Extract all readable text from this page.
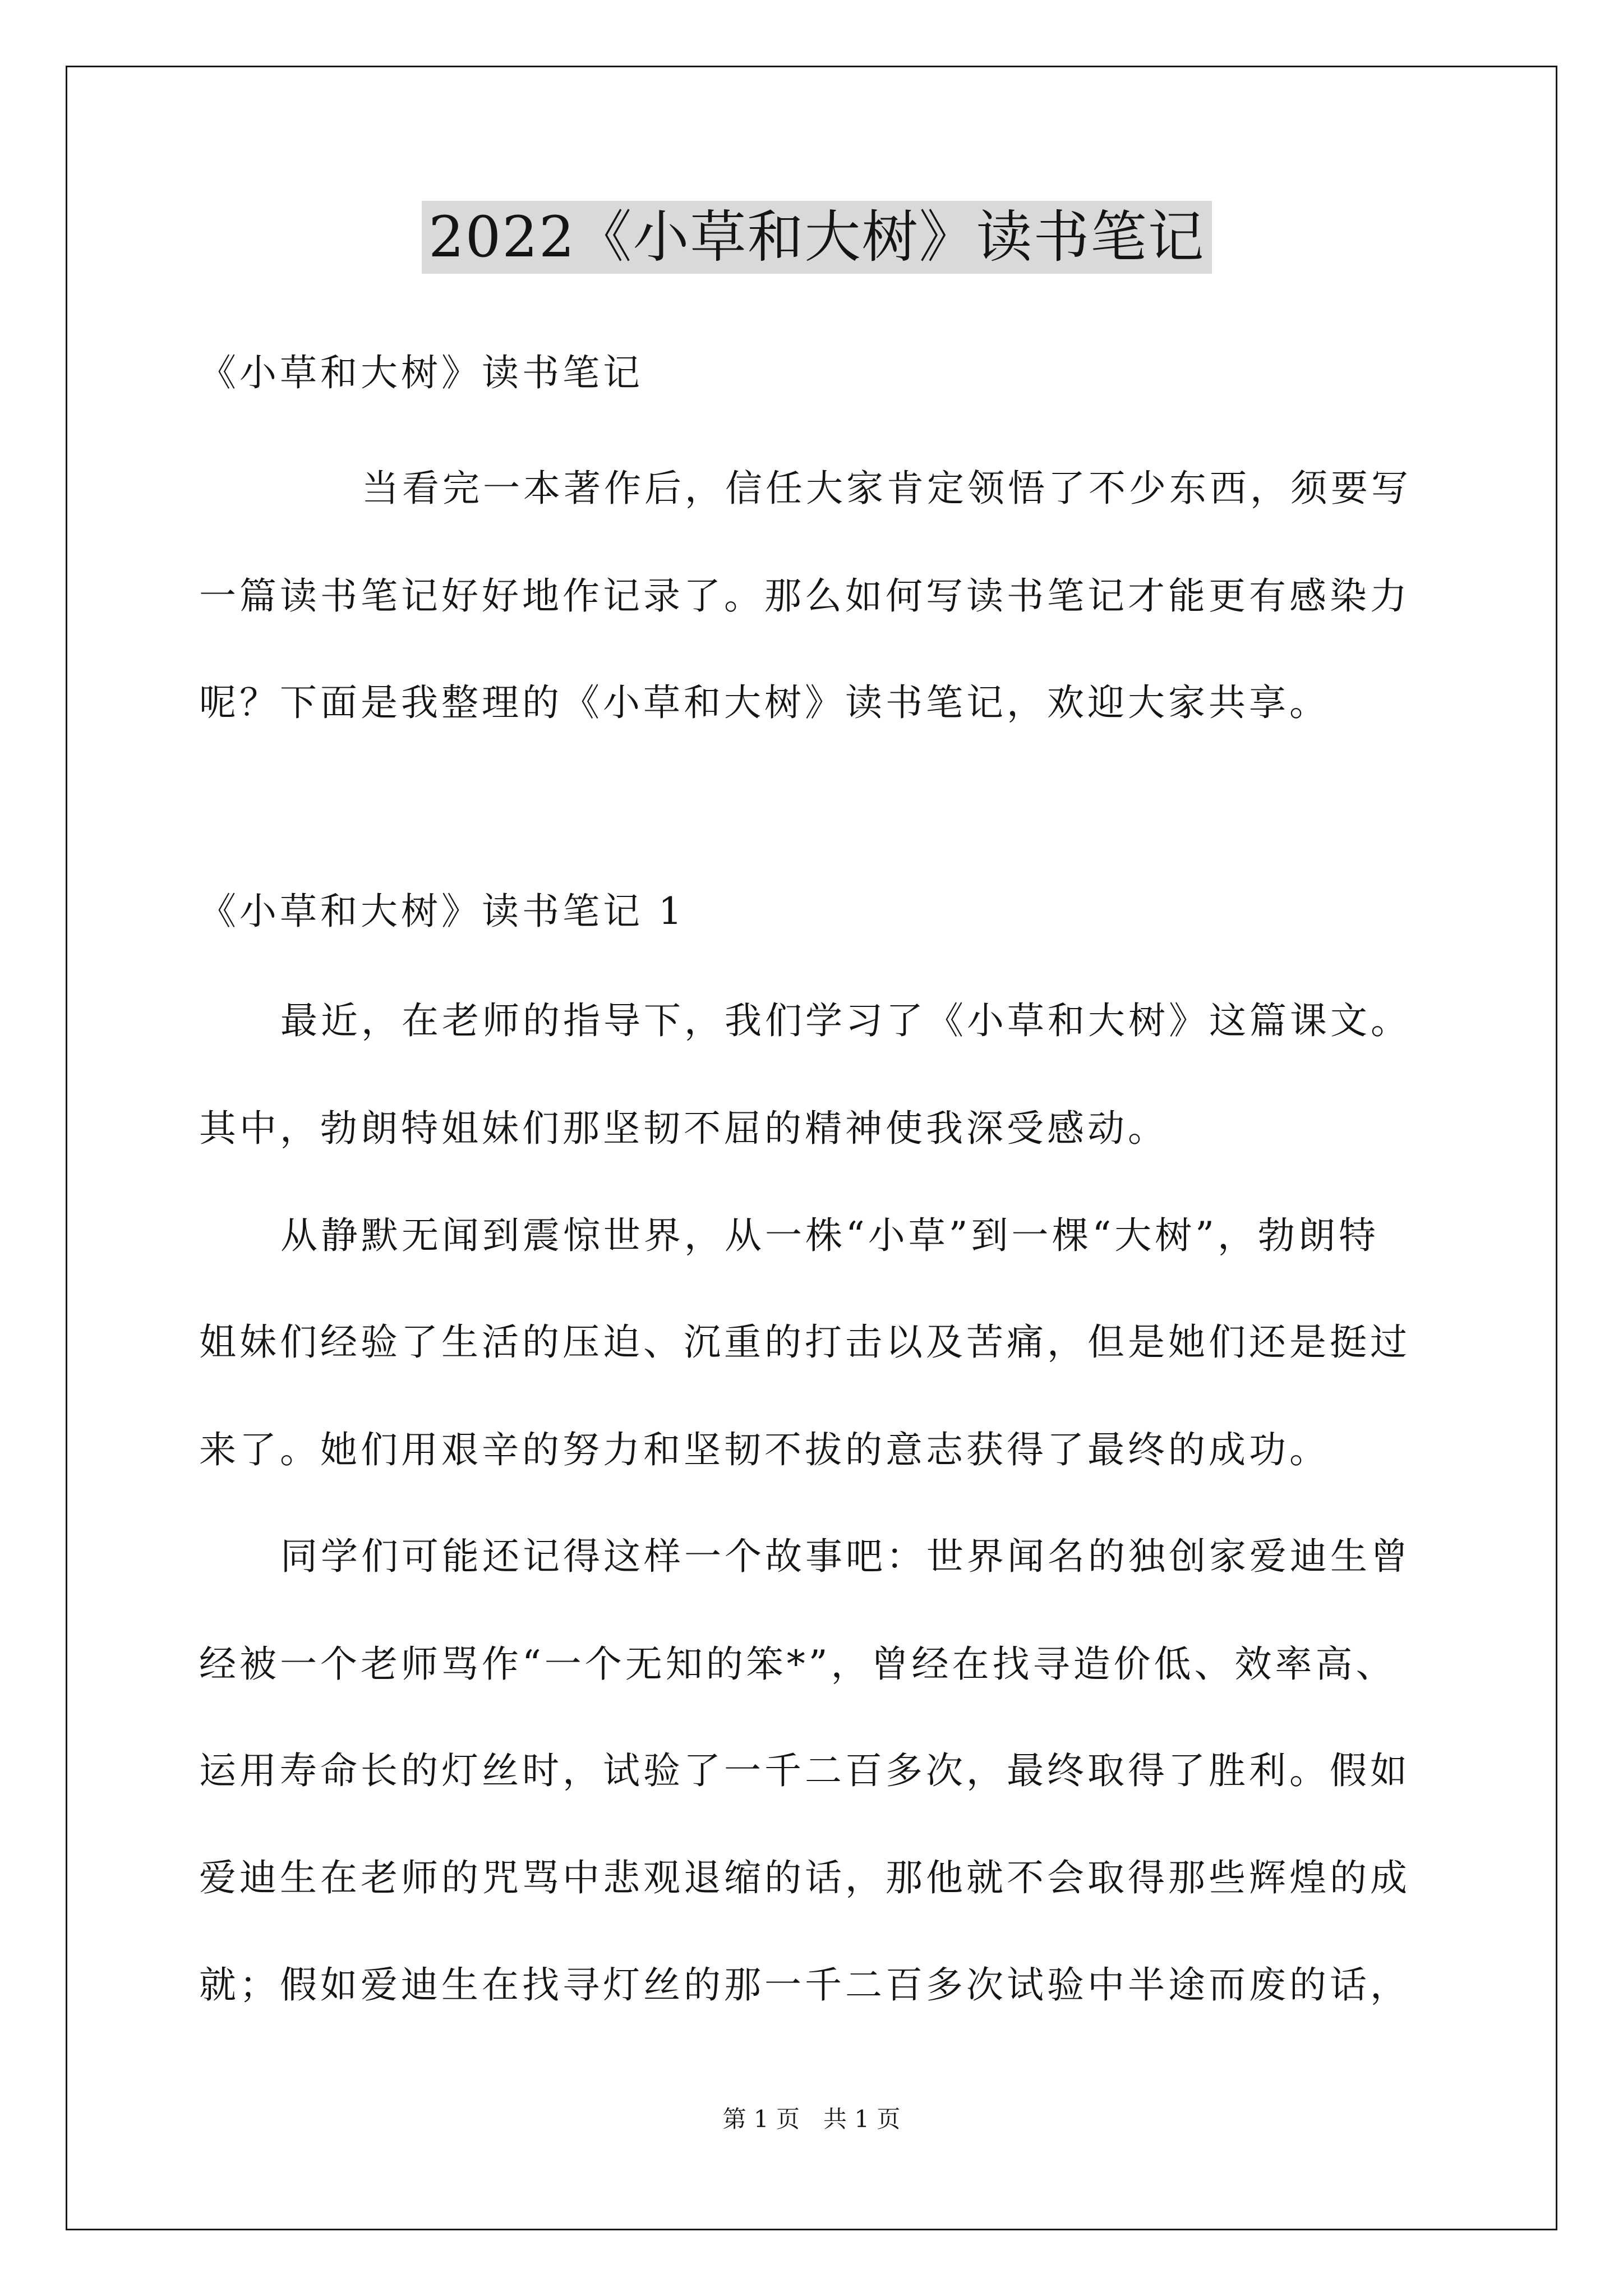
2022《小草和大树》读书笔记
《小草和大树》读书笔记
当看完一本著作后，信任大家肯定领悟了不少东西，须要写
一篇读书笔记好好地作记录了。那么如何写读书笔记才能更有感染力
呢？下面是我整理的《小草和大树》读书笔记，欢迎大家共享。
《小草和大树》读书笔记 1
最近，在老师的指导下，我们学习了《小草和大树》这篇课文。
其中，勃朗特姐妹们那坚韧不屈的精神使我深受感动。
从静默无闻到震惊世界，从一株“小草”到一棵“大树”，勃朗特
姐妹们经验了生活的压迫、沉重的打击以及苦痛，但是她们还是挺过
来了。她们用艰辛的努力和坚韧不拔的意志获得了最终的成功。
同学们可能还记得这样一个故事吧：世界闻名的独创家爱迪生曾
经被一个老师骂作“一个无知的笨*”，曾经在找寻造价低、效率高、
运用寿命长的灯丝时，试验了一千二百多次，最终取得了胜利。假如
爱迪生在老师的咒骂中悲观退缩的话，那他就不会取得那些辉煌的成
就；假如爱迪生在找寻灯丝的那一千二百多次试验中半途而废的话，
第 1 页　共 1 页
